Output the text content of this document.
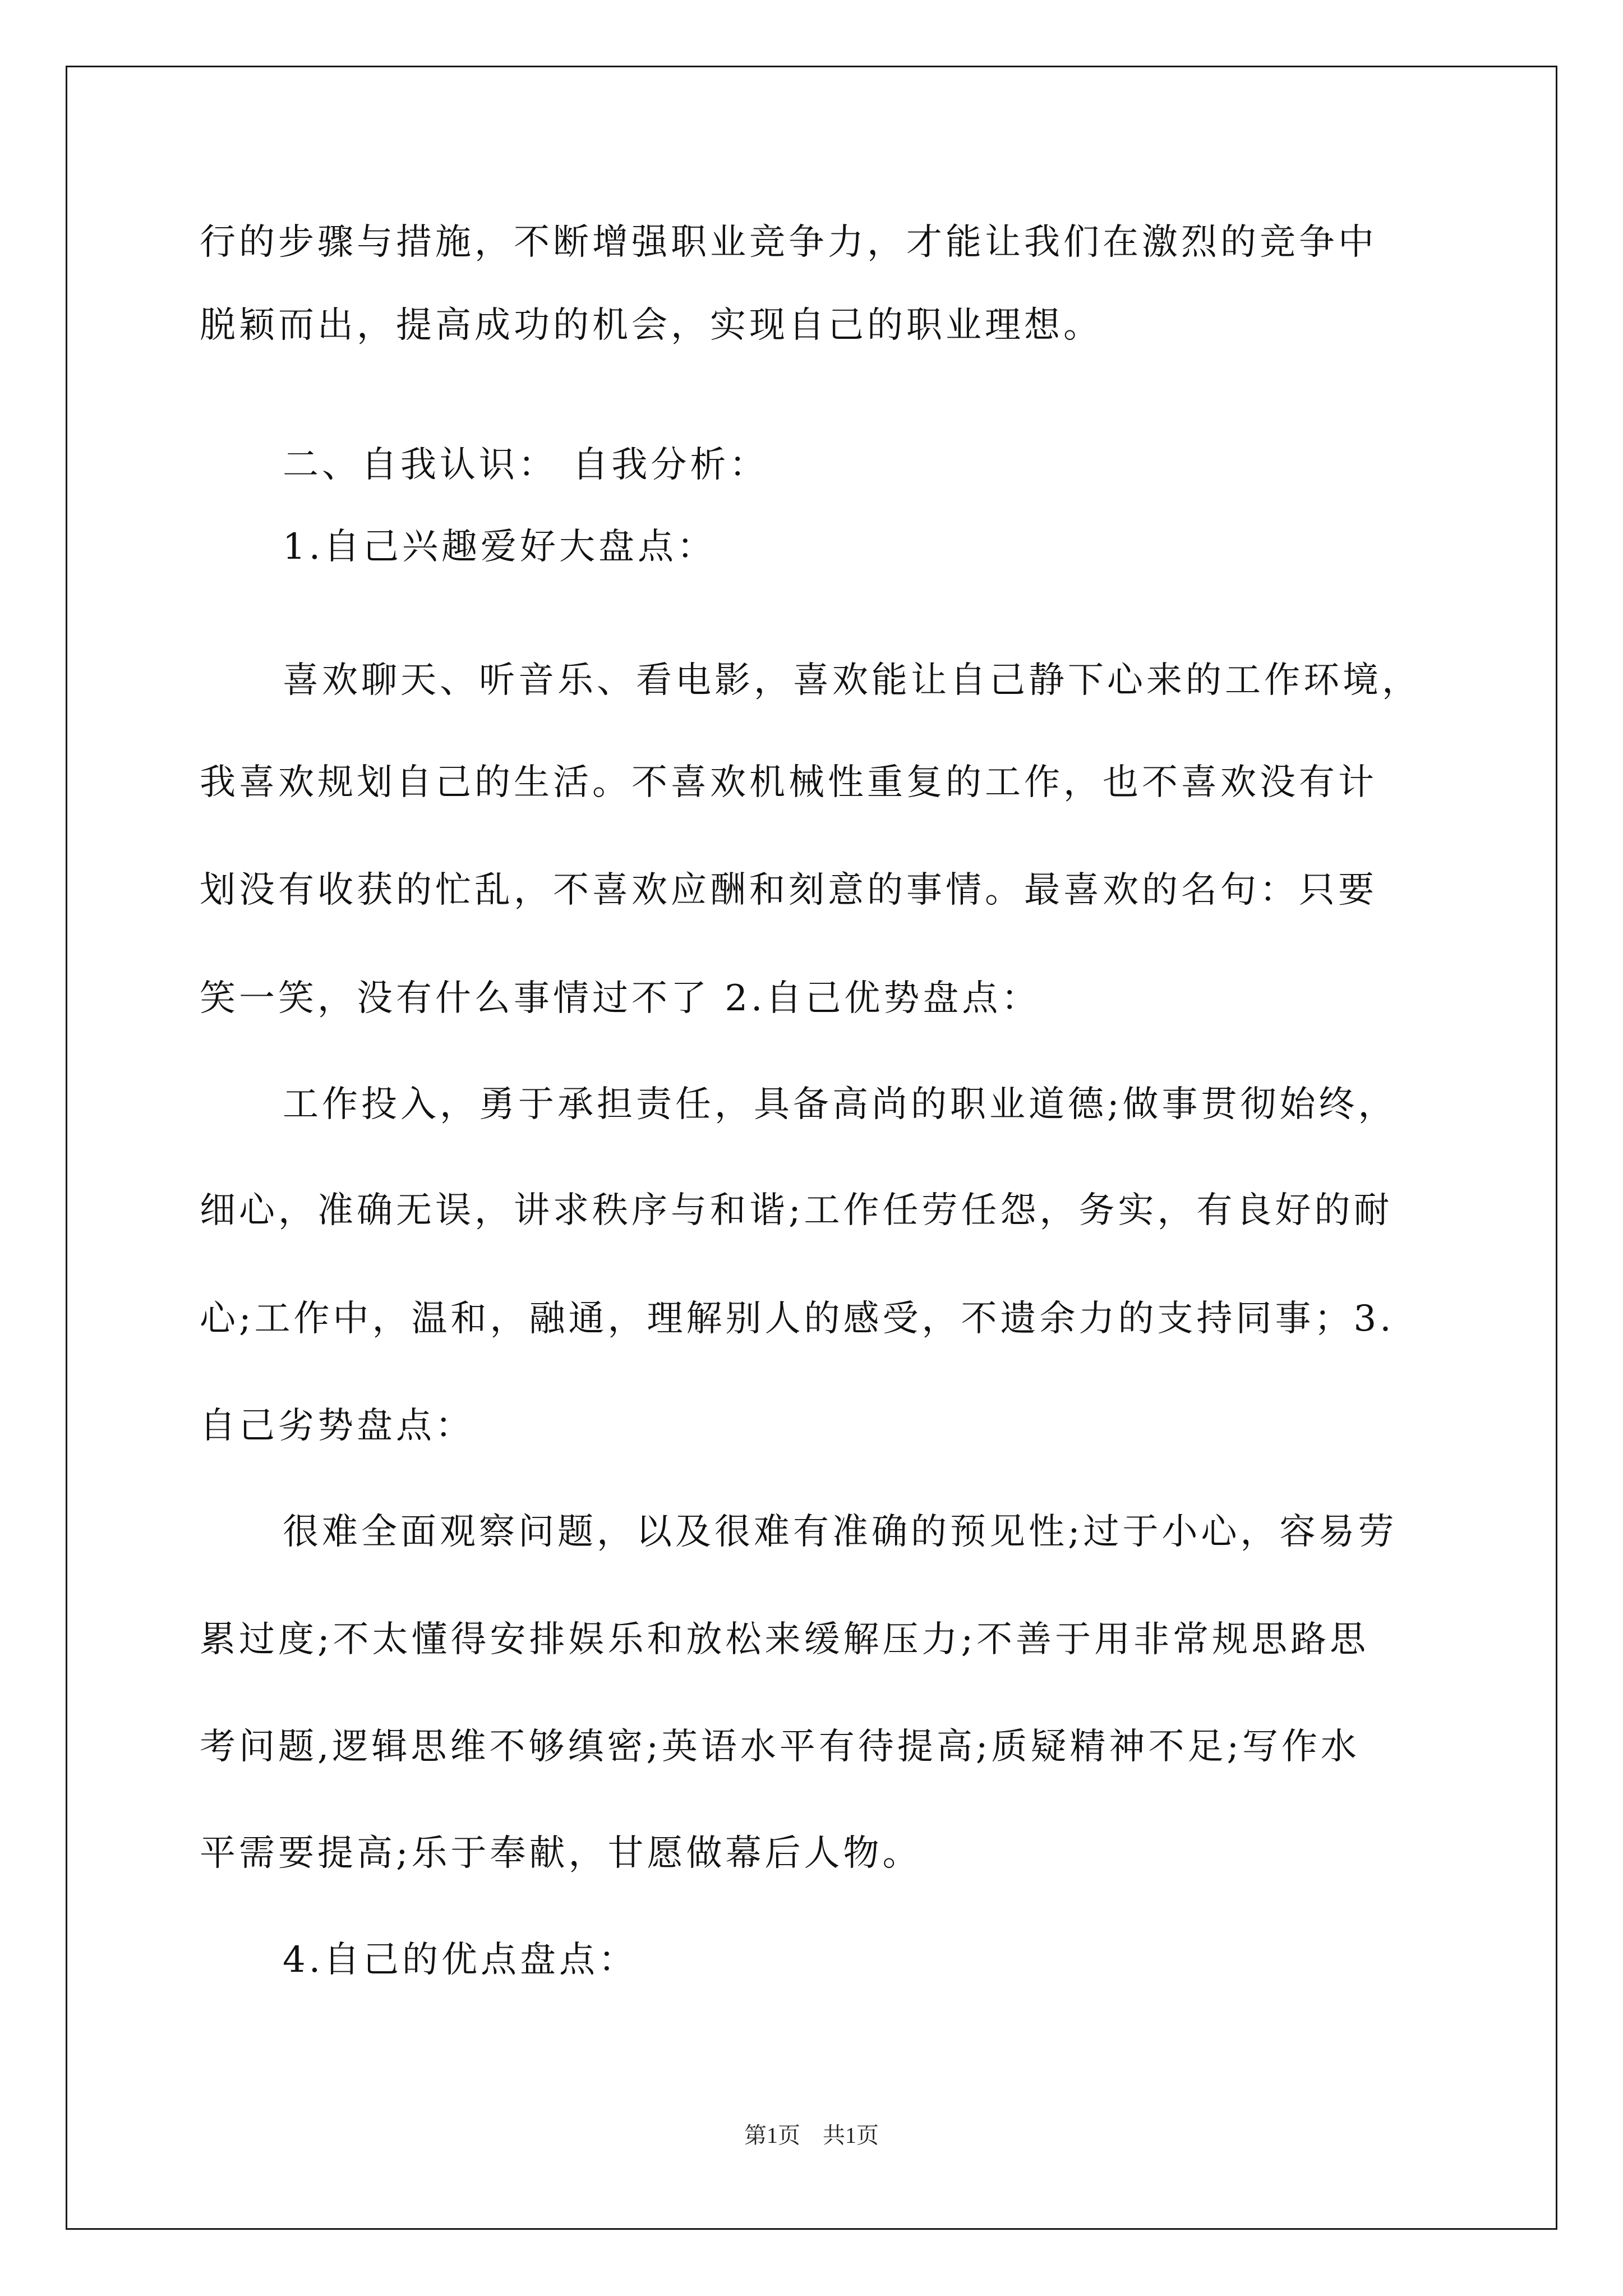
行的步骤与措施，不断增强职业竞争力，才能让我们在激烈的竞争中
脱颖而出，提高成功的机会，实现自己的职业理想。
二、自我认识： 自我分析：
1.自己兴趣爱好大盘点：
喜欢聊天、听音乐、看电影，喜欢能让自己静下心来的工作环境，
我喜欢规划自己的生活。不喜欢机械性重复的工作，也不喜欢没有计
划没有收获的忙乱，不喜欢应酬和刻意的事情。最喜欢的名句：只要
笑一笑，没有什么事情过不了 2.自己优势盘点：
工作投入，勇于承担责任，具备高尚的职业道德;做事贯彻始终，
细心，准确无误，讲求秩序与和谐;工作任劳任怨，务实，有良好的耐
心;工作中，温和，融通，理解别人的感受，不遗余力的支持同事；3.
自己劣势盘点：
很难全面观察问题，以及很难有准确的预见性;过于小心，容易劳
累过度;不太懂得安排娱乐和放松来缓解压力;不善于用非常规思路思
考问题,逻辑思维不够缜密;英语水平有待提高;质疑精神不足;写作水
平需要提高;乐于奉献，甘愿做幕后人物。
4.自己的优点盘点：
第1页　共1页
